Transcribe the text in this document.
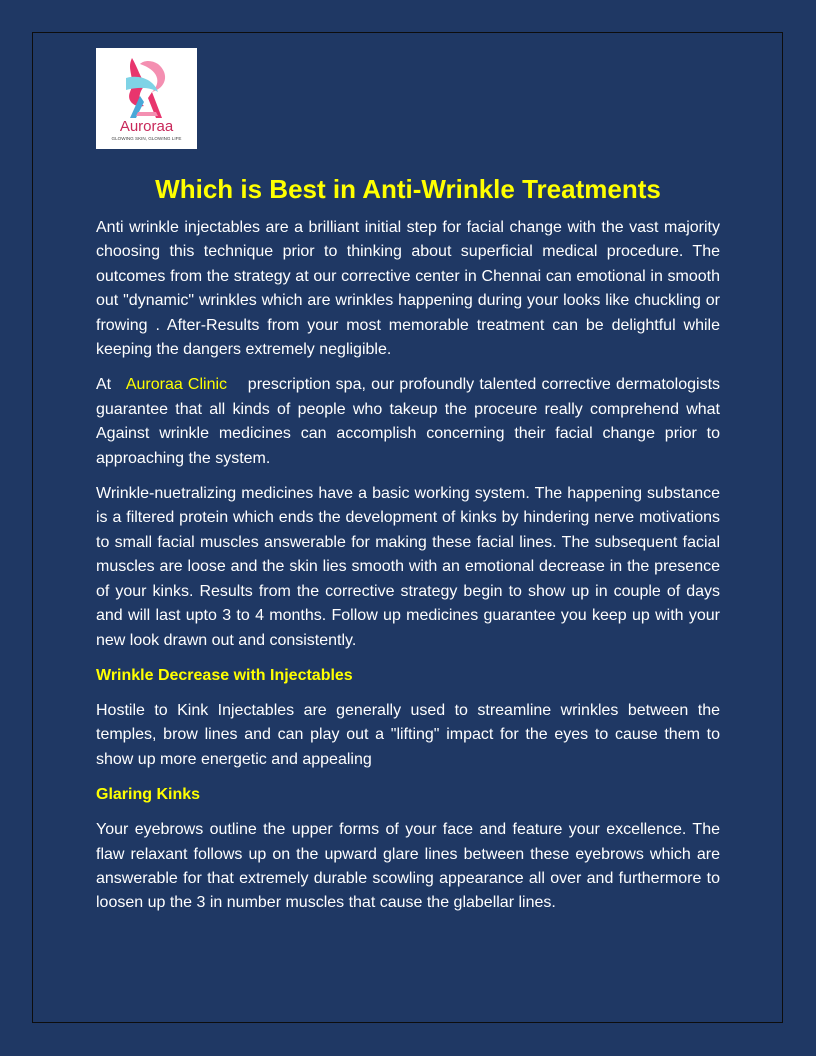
Auroraa
GLOWING SKIN, GLOWING LIFE
Which is Best in Anti-Wrinkle Treatments

Anti wrinkle injectables are a brilliant initial step for facial change with the vast majority choosing this technique prior to thinking about superficial medical procedure. The outcomes from the strategy at our corrective center in Chennai can emotional in smooth out "dynamic" wrinkles which are wrinkles happening during your looks like chuckling or frowing . After-Results from your most memorable treatment can be delightful while keeping the dangers extremely negligible.

At Auroraa Clinic prescription spa, our profoundly talented corrective dermatologists guarantee that all kinds of people who takeup the proceure really comprehend what Against wrinkle medicines can accomplish concerning their facial change prior to approaching the system.

Wrinkle-nuetralizing medicines have a basic working system. The happening substance is a filtered protein which ends the development of kinks by hindering nerve motivations to small facial muscles answerable for making these facial lines. The subsequent facial muscles are loose and the skin lies smooth with an emotional decrease in the presence of your kinks. Results from the corrective strategy begin to show up in couple of days and will last upto 3 to 4 months. Follow up medicines guarantee you keep up with your new look drawn out and consistently.

Wrinkle Decrease with Injectables

Hostile to Kink Injectables are generally used to streamline wrinkles between the temples, brow lines and can play out a "lifting" impact for the eyes to cause them to show up more energetic and appealing

Glaring Kinks

Your eyebrows outline the upper forms of your face and feature your excellence. The flaw relaxant follows up on the upward glare lines between these eyebrows which are answerable for that extremely durable scowling appearance all over and furthermore to loosen up the 3 in number muscles that cause the glabellar lines.
